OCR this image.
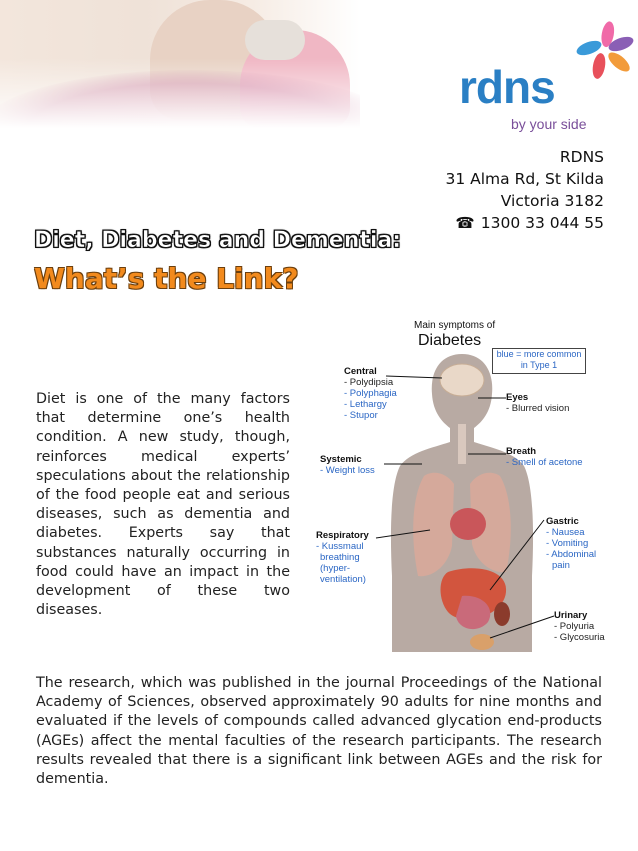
rdns
by your side
RDNS
31 Alma Rd, St Kilda
Victoria 3182
☎ 1300 33 044 55
Diet, Diabetes and Dementia:
What’s the Link?

Diet is one of the many factors that determine one’s health condition. A new study, though, reinforces medical experts’ speculations about the relationship of the food people eat and serious diseases, such as dementia and diabetes. Experts say that substances naturally occurring in food could have an impact in the development of these two diseases.

Main symptoms of
Diabetes
blue = more common
in Type 1
Central
- Polydipsia
- Polyphagia
- Lethargy
- Stupor
Eyes
- Blurred vision
Systemic
- Weight loss
Breath
- Smell of acetone
Respiratory
- Kussmaul
breathing
(hyper-
ventilation)
Gastric
- Nausea
- Vomiting
- Abdominal
pain
Urinary
- Polyuria
- Glycosuria

The research, which was published in the journal Proceedings of the National Academy of Sciences, observed approximately 90 adults for nine months and evaluated if the levels of compounds called advanced glycation end-products (AGEs) affect the mental faculties of the research participants. The research results revealed that there is a significant link between AGEs and the risk for dementia.
